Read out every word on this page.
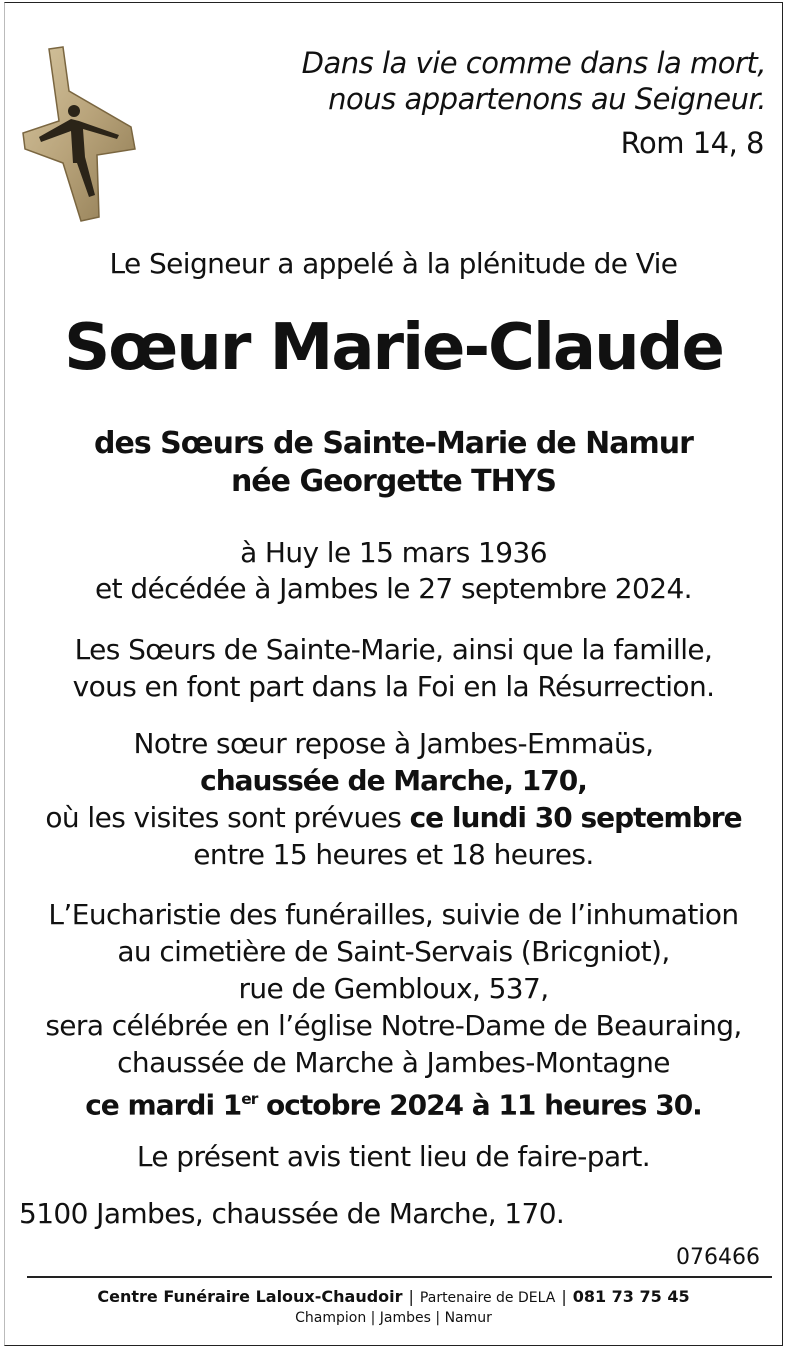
Dans la vie comme dans la mort,
nous appartenons au Seigneur.
Rom 14, 8
Le Seigneur a appelé à la plénitude de Vie
Sœur Marie-Claude
des Sœurs de Sainte-Marie de Namur
née Georgette THYS
à Huy le 15 mars 1936
et décédée à Jambes le 27 septembre 2024.
Les Sœurs de Sainte-Marie, ainsi que la famille,
vous en font part dans la Foi en la Résurrection.
Notre sœur repose à Jambes-Emmaüs,
chaussée de Marche, 170,
où les visites sont prévues ce lundi 30 septembre
entre 15 heures et 18 heures.
L’Eucharistie des funérailles, suivie de l’inhumation
au cimetière de Saint-Servais (Bricgniot),
rue de Gembloux, 537,
sera célébrée en l’église Notre-Dame de Beauraing,
chaussée de Marche à Jambes-Montagne
ce mardi 1er octobre 2024 à 11 heures 30.
Le présent avis tient lieu de faire-part.
5100 Jambes, chaussée de Marche, 170.
076466
Centre Funéraire Laloux-Chaudoir | Partenaire de DELA | 081 73 75 45
Champion | Jambes | Namur
